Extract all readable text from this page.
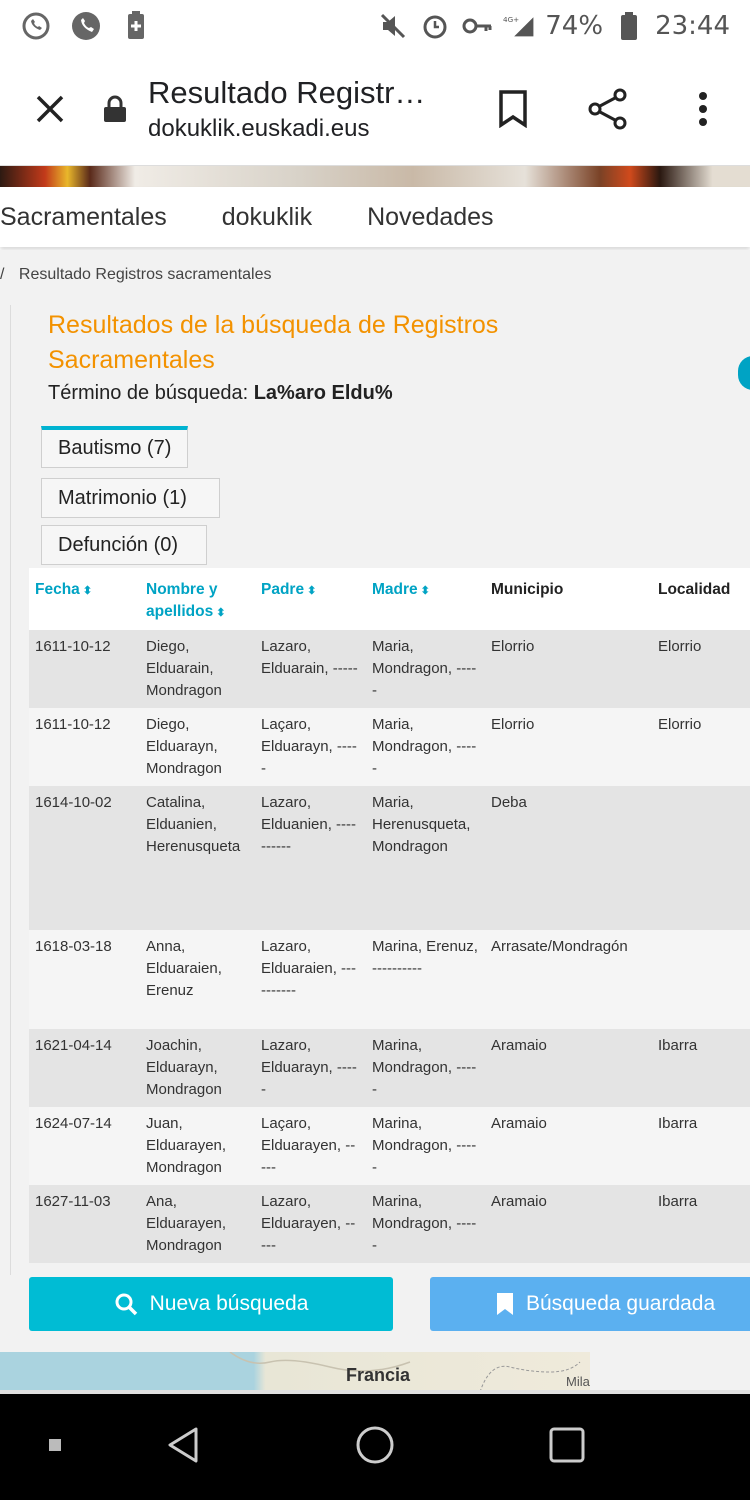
4G+ 74% 23:44
Resultado Registr…
dokuklik.euskadi.eus
Sacramentales dokuklik Novedades
/ Resultado Registros sacramentales
Resultados de la búsqueda de Registros Sacramentales
Término de búsqueda: La%aro Eldu%
Bautismo (7)
Matrimonio (1)
Defunción (0)
Fecha ⬍	Nombre y apellidos ⬍	Padre ⬍	Madre ⬍	Municipio	Localidad
1611-10-12	Diego, Elduarain, Mondragon	Lazaro, Elduarain, -----	Maria, Mondragon, -----	Elorrio	Elorrio
1611-10-12	Diego, Elduarayn, Mondragon	Laçaro, Elduarayn, -----	Maria, Mondragon, -----	Elorrio	Elorrio
1614-10-02	Catalina, Elduanien, Herenusqueta	Lazaro, Elduanien, ----------	Maria, Herenusqueta, Mondragon	Deba	
1618-03-18	Anna, Elduaraien, Erenuz	Lazaro, Elduaraien, ----------	Marina, Erenuz, ----------	Arrasate/Mondragón	
1621-04-14	Joachin, Elduarayn, Mondragon	Lazaro, Elduarayn, -----	Marina, Mondragon, -----	Aramaio	Ibarra
1624-07-14	Juan, Elduarayen, Mondragon	Laçaro, Elduarayen, -----	Marina, Mondragon, -----	Aramaio	Ibarra
1627-11-03	Ana, Elduarayen, Mondragon	Lazaro, Elduarayen, -----	Marina, Mondragon, -----	Aramaio	Ibarra
Nueva búsqueda	Búsqueda guardada
Francia	Mila
